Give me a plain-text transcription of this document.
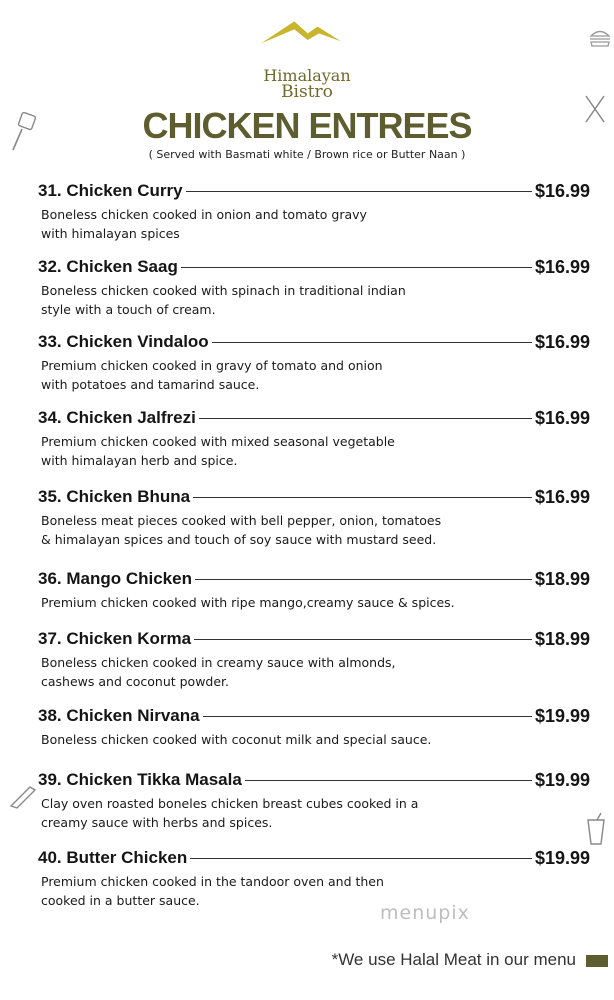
Himalayan
Bistro
CHICKEN ENTREES
( Served with Basmati white / Brown rice or Butter Naan )
31. Chicken Curry	$16.99
Boneless chicken cooked in onion and tomato gravy
with himalayan spices
32. Chicken Saag	$16.99
Boneless chicken cooked with spinach in traditional indian
style with a touch of cream.
33. Chicken Vindaloo	$16.99
Premium chicken cooked in gravy of tomato and onion
with potatoes and tamarind sauce.
34. Chicken Jalfrezi	$16.99
Premium chicken cooked with mixed seasonal vegetable
with himalayan herb and spice.
35. Chicken Bhuna	$16.99
Boneless meat pieces cooked with bell pepper, onion, tomatoes
& himalayan spices and touch of soy sauce with mustard seed.
36. Mango Chicken	$18.99
Premium chicken cooked with ripe mango,creamy sauce & spices.
37. Chicken Korma	$18.99
Boneless chicken cooked in creamy sauce with almonds,
cashews and coconut powder.
38. Chicken Nirvana	$19.99
Boneless chicken cooked with coconut milk and special sauce.
39. Chicken Tikka Masala	$19.99
Clay oven roasted boneles chicken breast cubes cooked in a
creamy sauce with herbs and spices.
40. Butter Chicken	$19.99
Premium chicken cooked in the tandoor oven and then
cooked in a butter sauce.
menupix
*We use Halal Meat in our menu
